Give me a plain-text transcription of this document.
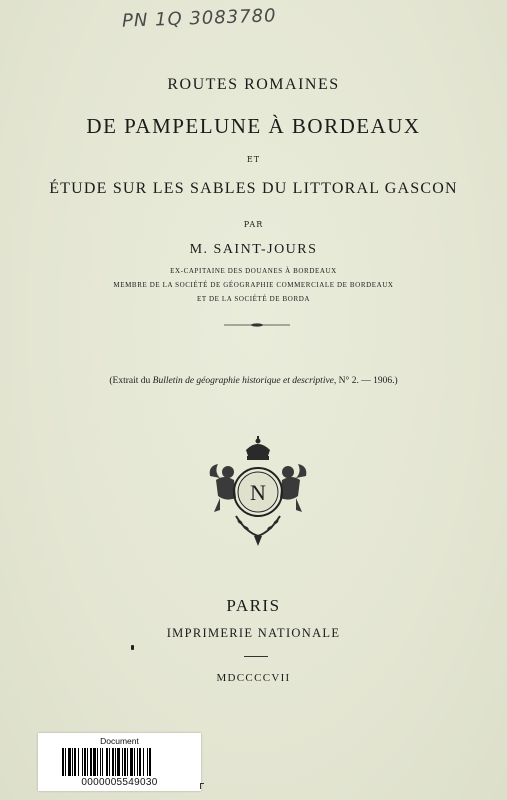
PN 1Q 3083780
ROUTES ROMAINES
DE PAMPELUNE À BORDEAUX
ET
ÉTUDE SUR LES SABLES DU LITTORAL GASCON
PAR
M. SAINT-JOURS
EX-CAPITAINE DES DOUANES À BORDEAUX
MEMBRE DE LA SOCIÉTÉ DE GÉOGRAPHIE COMMERCIALE DE BORDEAUX
ET DE LA SOCIÉTÉ DE BORDA
(Extrait du Bulletin de géographie historique et descriptive, N° 2. — 1906.)
N
PARIS
IMPRIMERIE NATIONALE
MDCCCCVII
Document
0000005549030
